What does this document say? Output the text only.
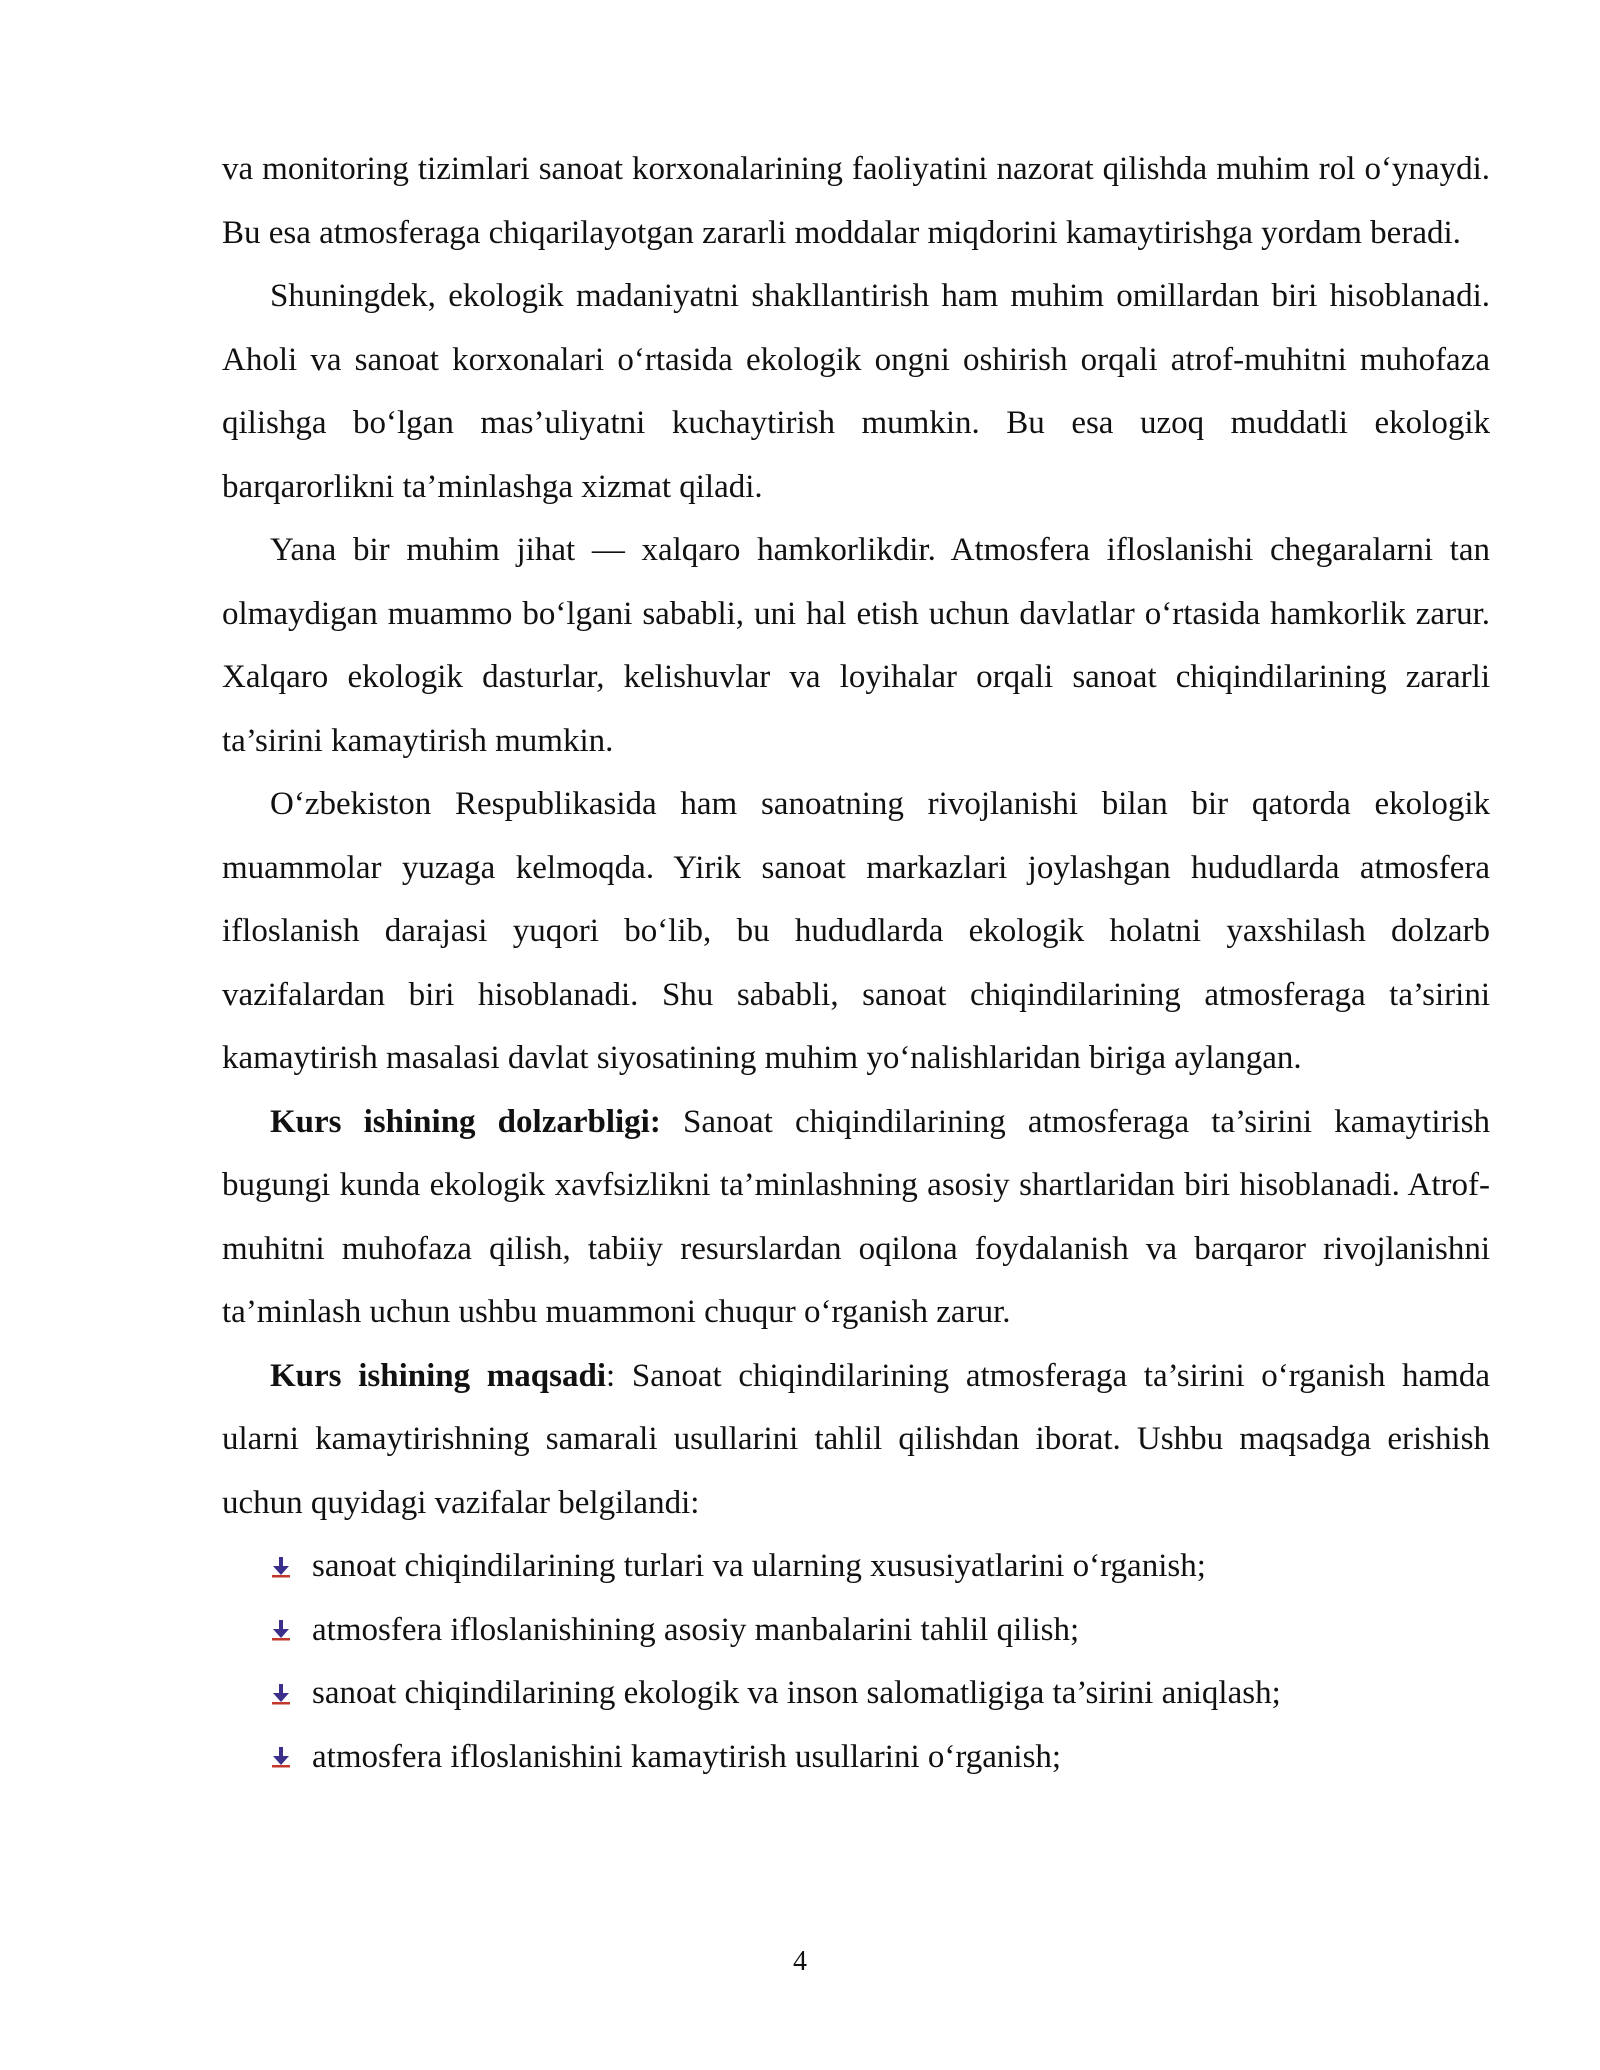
va monitoring tizimlari sanoat korxonalarining faoliyatini nazorat qilishda muhim rol o‘ynaydi. Bu esa atmosferaga chiqarilayotgan zararli moddalar miqdorini kamaytirishga yordam beradi.

Shuningdek, ekologik madaniyatni shakllantirish ham muhim omillardan biri hisoblanadi. Aholi va sanoat korxonalari o‘rtasida ekologik ongni oshirish orqali atrof-muhitni muhofaza qilishga bo‘lgan mas’uliyatni kuchaytirish mumkin. Bu esa uzoq muddatli ekologik barqarorlikni ta’minlashga xizmat qiladi.

Yana bir muhim jihat — xalqaro hamkorlikdir. Atmosfera ifloslanishi chegaralarni tan olmaydigan muammo bo‘lgani sababli, uni hal etish uchun davlatlar o‘rtasida hamkorlik zarur. Xalqaro ekologik dasturlar, kelishuvlar va loyihalar orqali sanoat chiqindilarining zararli ta’sirini kamaytirish mumkin.

O‘zbekiston Respublikasida ham sanoatning rivojlanishi bilan bir qatorda ekologik muammolar yuzaga kelmoqda. Yirik sanoat markazlari joylashgan hududlarda atmosfera ifloslanish darajasi yuqori bo‘lib, bu hududlarda ekologik holatni yaxshilash dolzarb vazifalardan biri hisoblanadi. Shu sababli, sanoat chiqindilarining atmosferaga ta’sirini kamaytirish masalasi davlat siyosatining muhim yo‘nalishlaridan biriga aylangan.

Kurs ishining dolzarbligi: Sanoat chiqindilarining atmosferaga ta’sirini kamaytirish bugungi kunda ekologik xavfsizlikni ta’minlashning asosiy shartlaridan biri hisoblanadi. Atrof-muhitni muhofaza qilish, tabiiy resurslardan oqilona foydalanish va barqaror rivojlanishni ta’minlash uchun ushbu muammoni chuqur o‘rganish zarur.

Kurs ishining maqsadi: Sanoat chiqindilarining atmosferaga ta’sirini o‘rganish hamda ularni kamaytirishning samarali usullarini tahlil qilishdan iborat. Ushbu maqsadga erishish uchun quyidagi vazifalar belgilandi:

sanoat chiqindilarining turlari va ularning xususiyatlarini o‘rganish;
atmosfera ifloslanishining asosiy manbalarini tahlil qilish;
sanoat chiqindilarining ekologik va inson salomatligiga ta’sirini aniqlash;
atmosfera ifloslanishini kamaytirish usullarini o‘rganish;
4
